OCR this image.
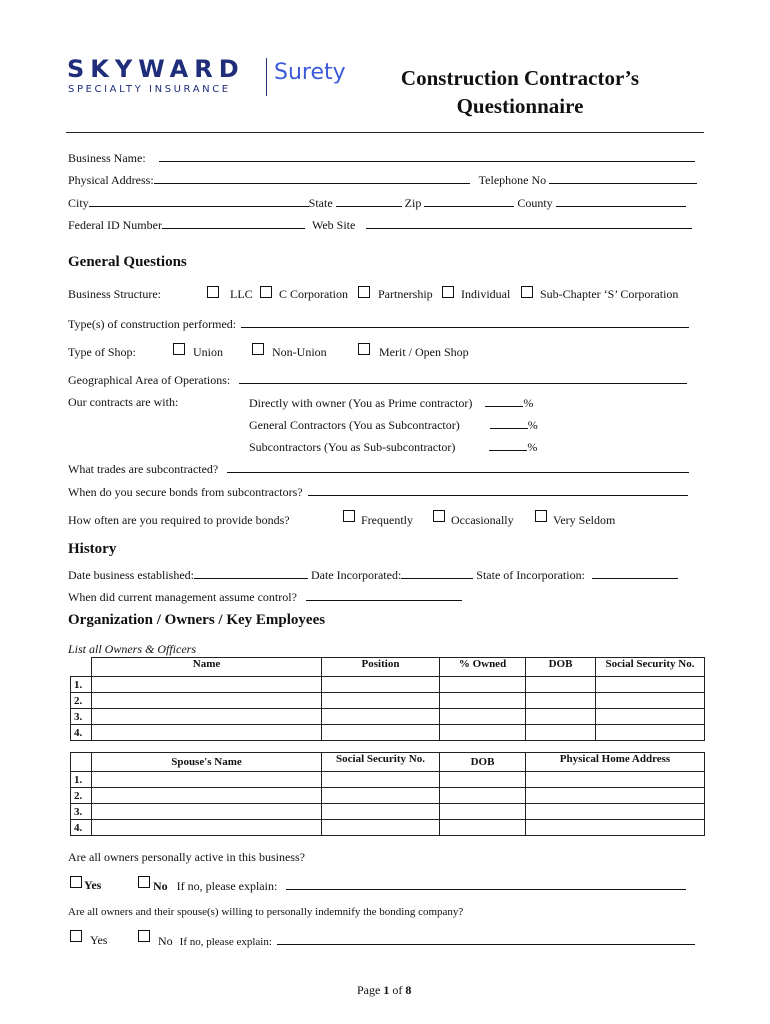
SKYWARD
SPECIALTY INSURANCE
Surety	Construction Contractor’s
Questionnaire
Business Name:
Physical Address:	Telephone No
City	State	Zip	County
Federal ID Number	Web Site
General Questions
Business Structure:	LLC C Corporation	Partnership Individual Sub-Chapter ‘S’ Corporation
Type(s) of construction performed:
Type of Shop:	Union	Non-Union	Merit / Open Shop
Geographical Area of Operations:
Our contracts are with:	Directly with owner (You as Prime contractor)	%
General Contractors (You as Subcontractor)	%
Subcontractors (You as Sub-subcontractor)	%
What trades are subcontracted?
When do you secure bonds from subcontractors?
How often are you required to provide bonds?	Frequently	Occasionally	Very Seldom
History
Date business established:	Date Incorporated:	State of Incorporation:
When did current management assume control?
Organization / Owners / Key Employees
List all Owners & Officers
	Name	Position	% Owned	DOB	Social Security No.
1.					
2.					
3.					
4.					
	Spouse's Name	Social Security No.	DOB	Physical Home Address
1.				
2.				
3.				
4.				
Are all owners personally active in this business?
Yes	No If no, please explain:
Are all owners and their spouse(s) willing to personally indemnify the bonding company?
Yes	No If no, please explain:
Page 1 of 8
